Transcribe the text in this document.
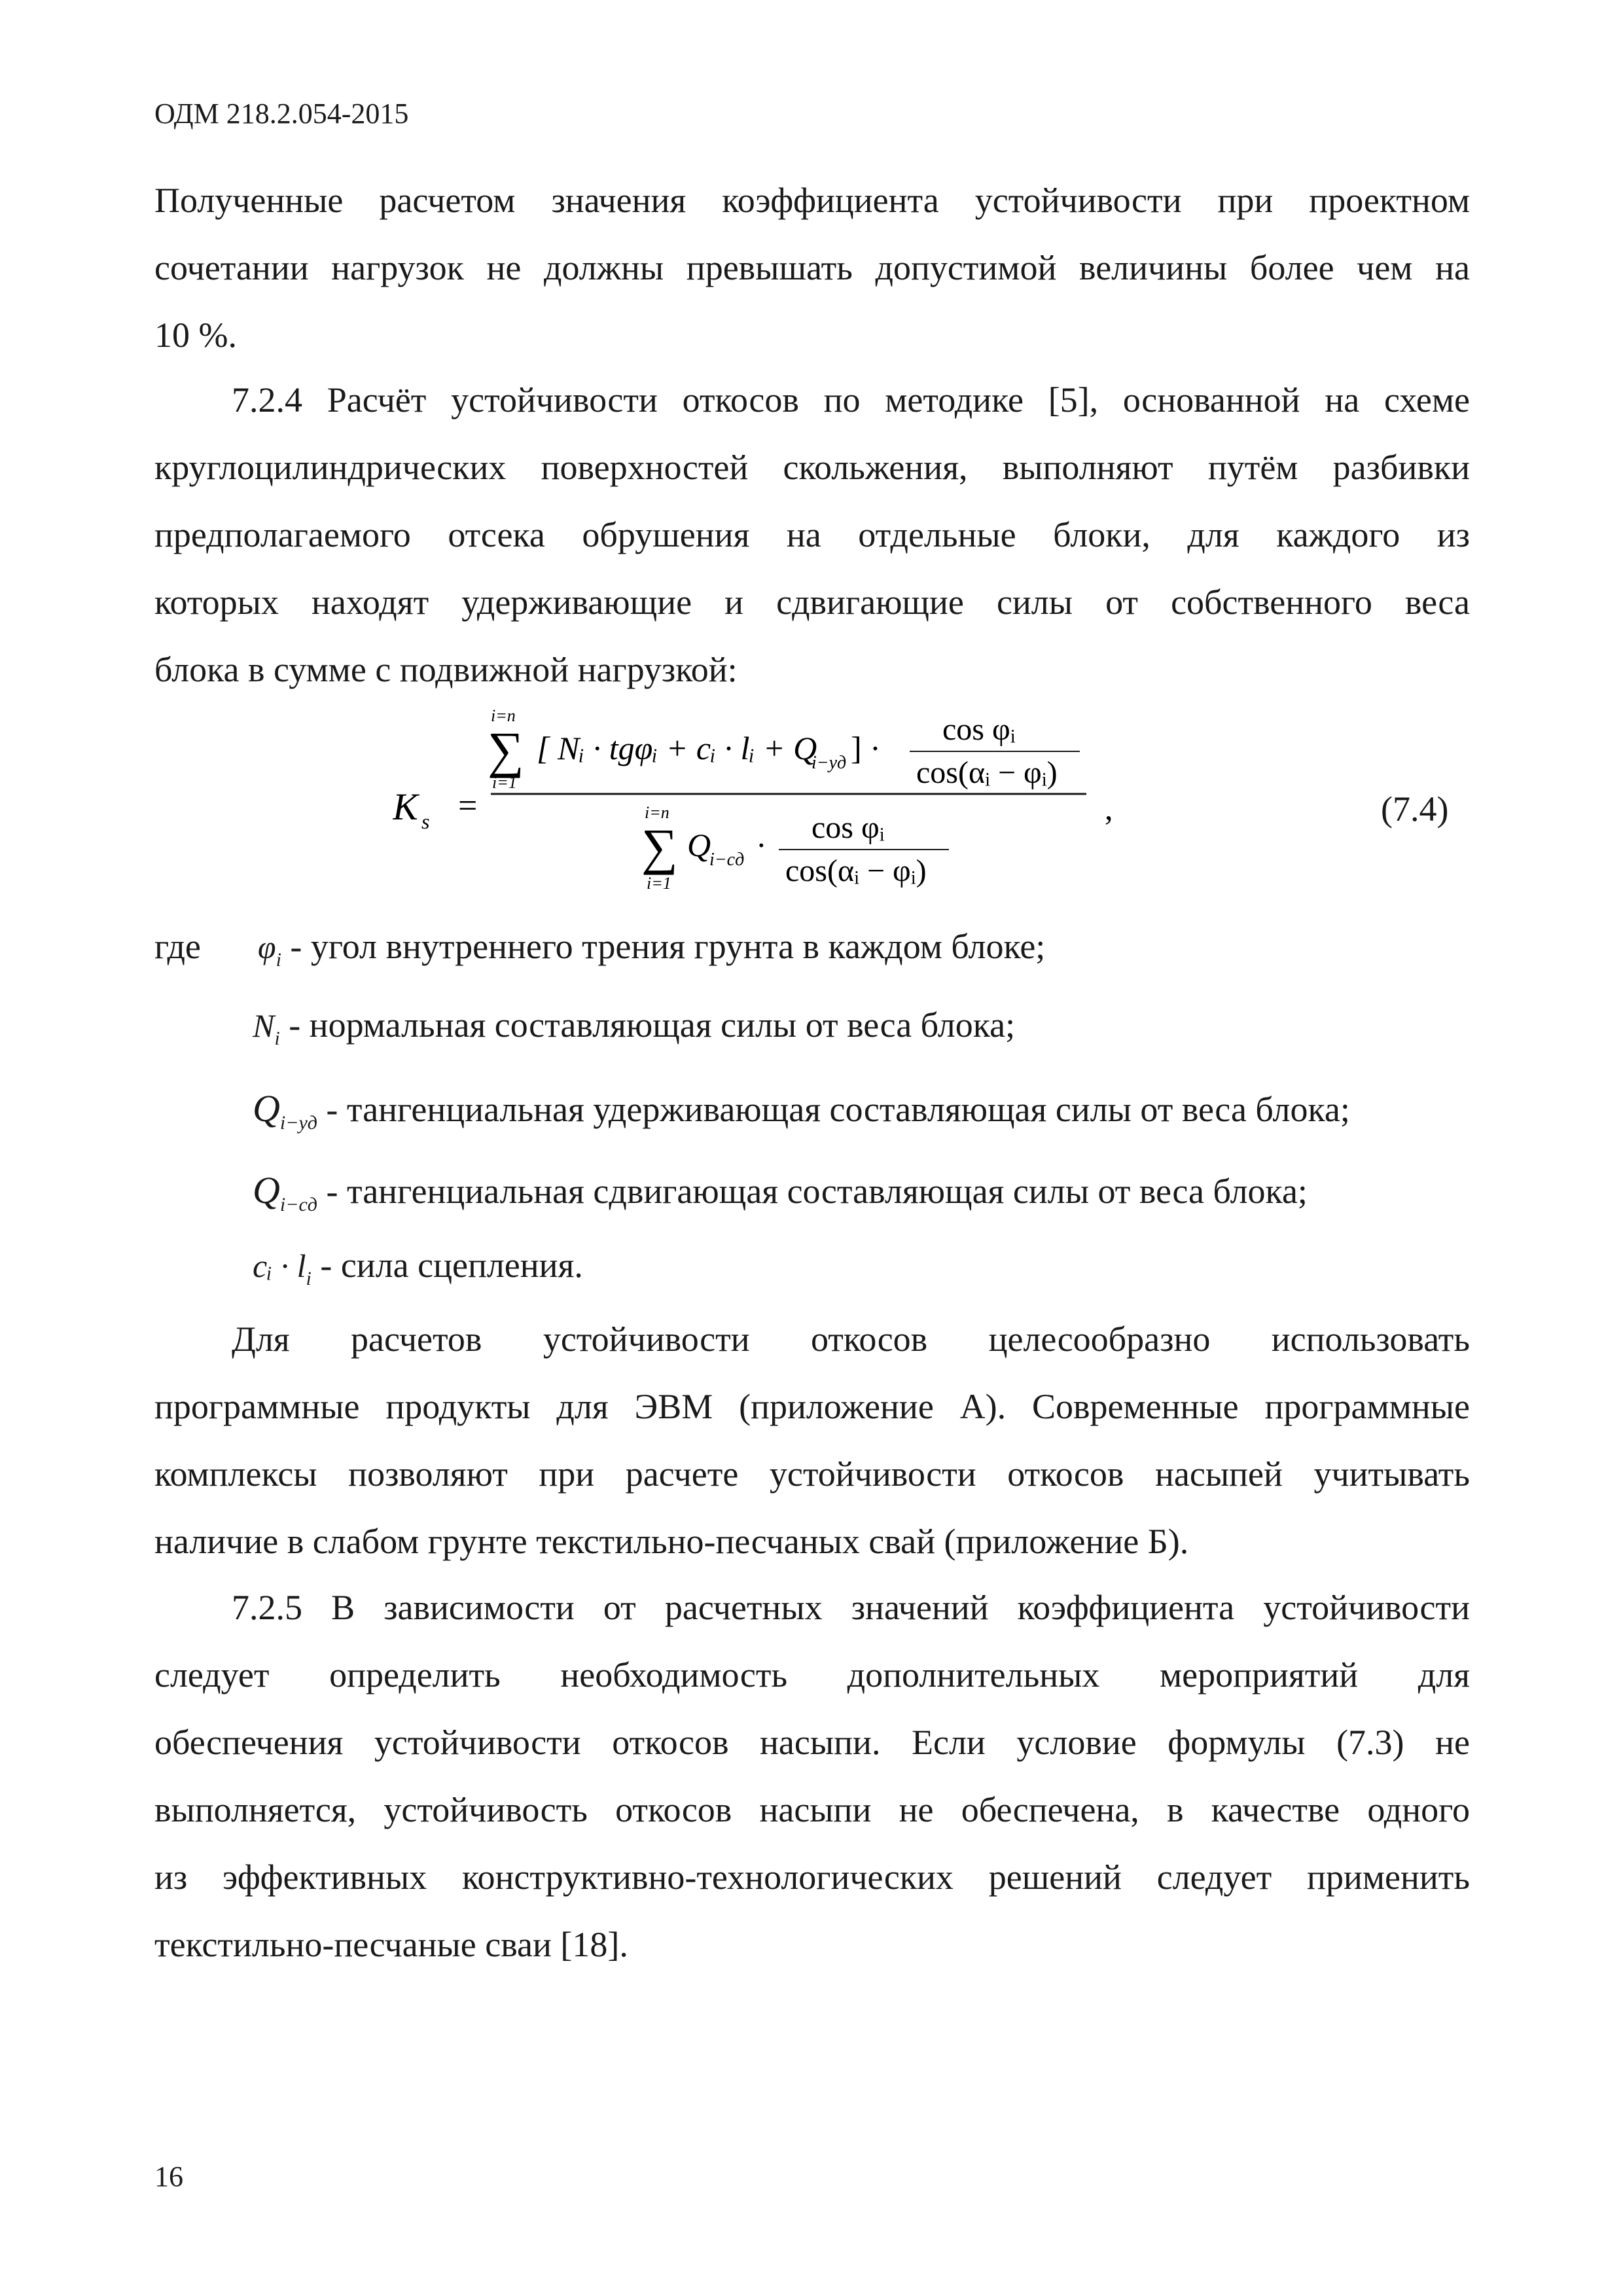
ОДМ 218.2.054-2015
Полученные расчетом значения коэффициента устойчивости при проектном
сочетании нагрузок не должны превышать допустимой величины более чем на
10 %.
7.2.4 Расчёт устойчивости откосов по методике [5], основанной на схеме
круглоцилиндрических поверхностей скольжения, выполняют путём разбивки
предполагаемого отсека обрушения на отдельные блоки, для каждого из
которых находят удерживающие и сдвигающие силы от собственного веса
блока в сумме с подвижной нагрузкой:
K s =
i=n
∑
i=1
[ Nᵢ · tgφᵢ + cᵢ · lᵢ + Q
i−уд ] ·
cos φᵢ
cos(αᵢ − φᵢ)
i=n
∑
i=1
Q
i−сд · cos φᵢ
cos(αᵢ − φᵢ)
,	(7.4)
где $\varphi_i$ - угол внутреннего трения грунта в каждом блоке;
$N_i$ - нормальная составляющая силы от веса блока;
$Q_{i-уд}$ - тангенциальная удерживающая составляющая силы от веса блока;
$Q_{i-сд}$ - тангенциальная сдвигающая составляющая силы от веса блока;
cᵢ · $l_i$ - сила сцепления.
Для расчетов устойчивости откосов целесообразно использовать
программные продукты для ЭВМ (приложение А). Современные программные
комплексы позволяют при расчете устойчивости откосов насыпей учитывать
наличие в слабом грунте текстильно-песчаных свай (приложение Б).
7.2.5 В зависимости от расчетных значений коэффициента устойчивости
следует определить необходимость дополнительных мероприятий для
обеспечения устойчивости откосов насыпи. Если условие формулы (7.3) не
выполняется, устойчивость откосов насыпи не обеспечена, в качестве одного
из эффективных конструктивно-технологических решений следует применить
текстильно-песчаные сваи [18].
16
